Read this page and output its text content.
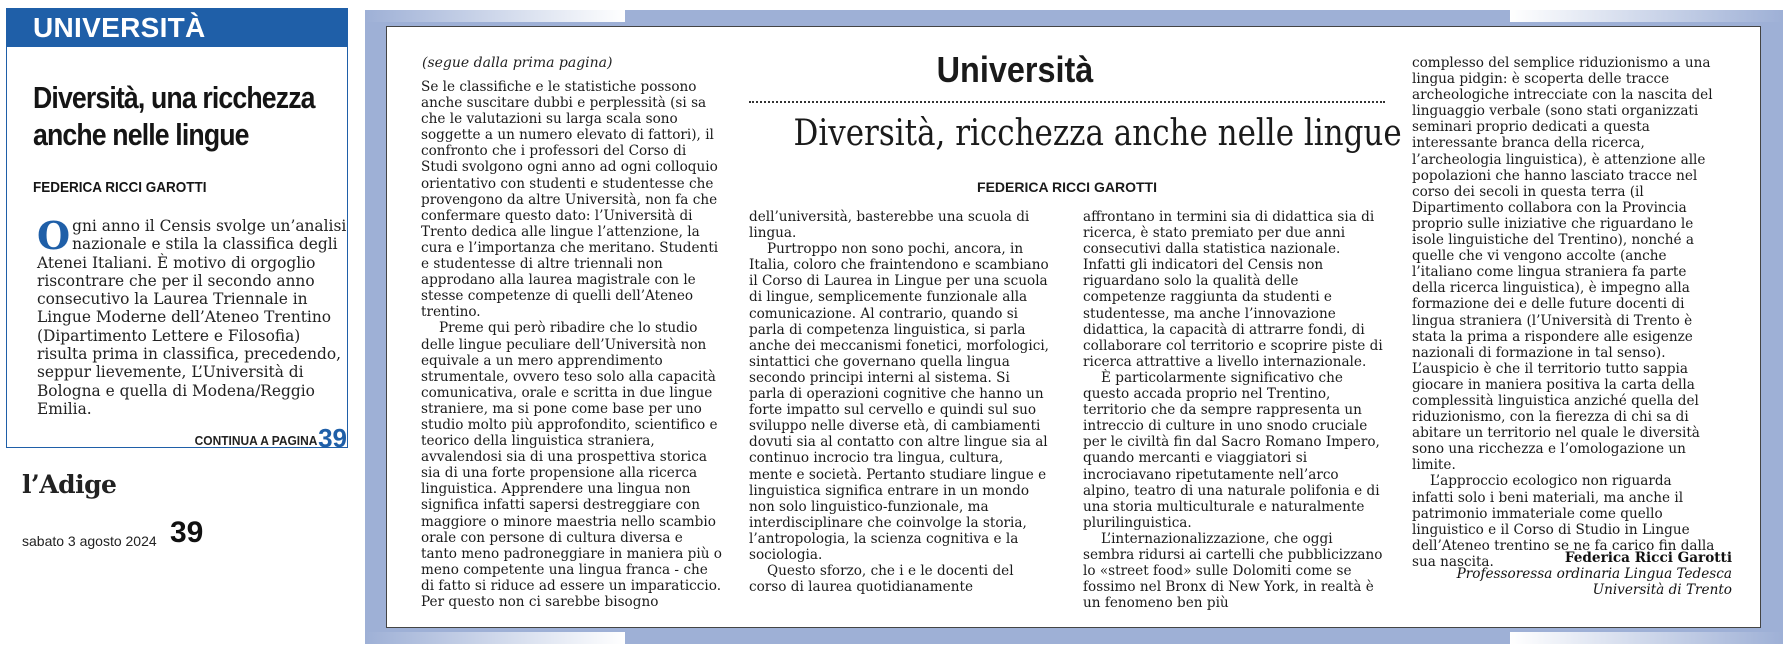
UNIVERSITÀ
Diversità, una ricchezza
anche nelle lingue
FEDERICA RICCI GAROTTI
Ogni anno il Censis svolge un’analisi nazionale e stila la classifica degli Atenei Italiani. È motivo di orgoglio riscontrare che per il secondo anno consecutivo la Laurea Triennale in Lingue Moderne dell’Ateneo Trentino (Dipartimento Lettere e Filosofia) risulta prima in classifica, precedendo, seppur lievemente, L’Università di Bologna e quella di Modena/Reggio Emilia.
CONTINUA A PAGINA 39
l’Adige
sabato 3 agosto 2024 39
(segue dalla prima pagina)	Università
Diversità, ricchezza anche nelle lingue
FEDERICA RICCI GAROTTI

Se le classifiche e le statistiche possono anche suscitare dubbi e perplessità (si sa che le valutazioni su larga scala sono soggette a un numero elevato di fattori), il confronto che i professori del Corso di Studi svolgono ogni anno ad ogni colloquio orientativo con studenti e studentesse che provengono da altre Università, non fa che confermare questo dato: l’Università di Trento dedica alle lingue l’attenzione, la cura e l’importanza che meritano. Studenti e studentesse di altre triennali non approdano alla laurea magistrale con le stesse competenze di quelli dell’Ateneo trentino.

Preme qui però ribadire che lo studio delle lingue peculiare dell’Università non equivale a un mero apprendimento strumentale, ovvero teso solo alla capacità comunicativa, orale e scritta in due lingue straniere, ma si pone come base per uno studio molto più approfondito, scientifico e teorico della linguistica straniera, avvalendosi sia di una prospettiva storica sia di una forte propensione alla ricerca linguistica. Apprendere una lingua non significa infatti sapersi destreggiare con maggiore o minore maestria nello scambio orale con persone di cultura diversa e tanto meno padroneggiare in maniera più o meno competente una lingua franca - che di fatto si riduce ad essere un imparaticcio. Per questo non ci sarebbe bisogno

dell’università, basterebbe una scuola di lingua.

Purtroppo non sono pochi, ancora, in Italia, coloro che fraintendono e scambiano il Corso di Laurea in Lingue per una scuola di lingue, semplicemente funzionale alla comunicazione. Al contrario, quando si parla di competenza linguistica, si parla anche dei meccanismi fonetici, morfologici, sintattici che governano quella lingua secondo principi interni al sistema. Si parla di operazioni cognitive che hanno un forte impatto sul cervello e quindi sul suo sviluppo nelle diverse età, di cambiamenti dovuti sia al contatto con altre lingue sia al continuo incrocio tra lingua, cultura, mente e società. Pertanto studiare lingue e linguistica significa entrare in un mondo non solo linguistico-funzionale, ma interdisciplinare che coinvolge la storia, l’antropologia, la scienza cognitiva e la sociologia.

Questo sforzo, che i e le docenti del corso di laurea quotidianamente

affrontano in termini sia di didattica sia di ricerca, è stato premiato per due anni consecutivi dalla statistica nazionale. Infatti gli indicatori del Censis non riguardano solo la qualità delle competenze raggiunta da studenti e studentesse, ma anche l’innovazione didattica, la capacità di attrarre fondi, di collaborare col territorio e scoprire piste di ricerca attrattive a livello internazionale.

È particolarmente significativo che questo accada proprio nel Trentino, territorio che da sempre rappresenta un intreccio di culture in uno snodo cruciale per le civiltà fin dal Sacro Romano Impero, quando mercanti e viaggiatori si incrociavano ripetutamente nell’arco alpino, teatro di una naturale polifonia e di una storia multiculturale e naturalmente plurilinguistica.

L’internazionalizzazione, che oggi sembra ridursi ai cartelli che pubblicizzano lo «street food» sulle Dolomiti come se fossimo nel Bronx di New York, in realtà è un fenomeno ben più

complesso del semplice riduzionismo a una lingua pidgin: è scoperta delle tracce archeologiche intrecciate con la nascita del linguaggio verbale (sono stati organizzati seminari proprio dedicati a questa interessante branca della ricerca, l’archeologia linguistica), è attenzione alle popolazioni che hanno lasciato tracce nel corso dei secoli in questa terra (il Dipartimento collabora con la Provincia proprio sulle iniziative che riguardano le isole linguistiche del Trentino), nonché a quelle che vi vengono accolte (anche l’italiano come lingua straniera fa parte della ricerca linguistica), è impegno alla formazione dei e delle future docenti di lingua straniera (l’Università di Trento è stata la prima a rispondere alle esigenze nazionali di formazione in tal senso). L’auspicio è che il territorio tutto sappia giocare in maniera positiva la carta della complessità linguistica anziché quella del riduzionismo, con la fierezza di chi sa di abitare un territorio nel quale le diversità sono una ricchezza e l’omologazione un limite.

L’approccio ecologico non riguarda infatti solo i beni materiali, ma anche il patrimonio immateriale come quello linguistico e il Corso di Studio in Lingue dell’Ateneo trentino se ne fa carico fin dalla sua nascita.	Federica Ricci Garotti
Professoressa ordinaria Lingua Tedesca
Università di Trento
